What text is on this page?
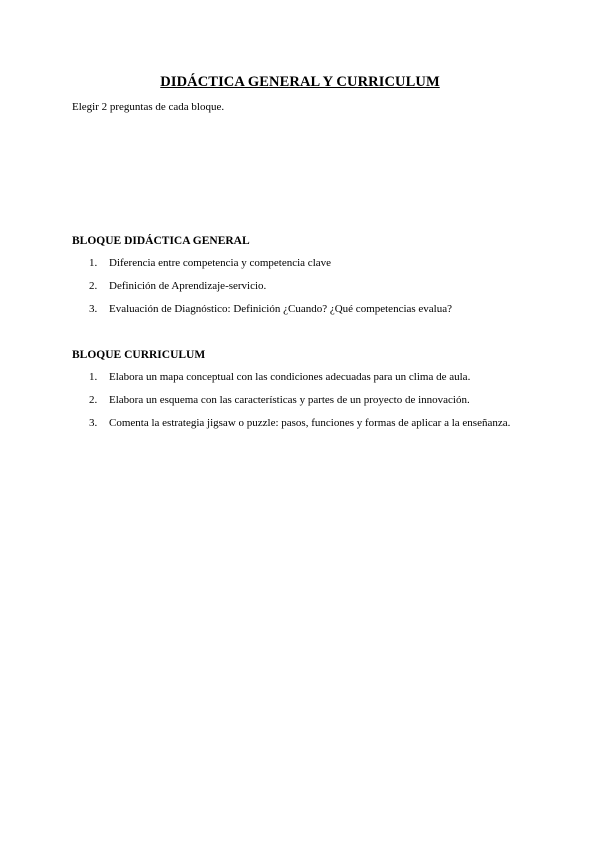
DIDÁCTICA GENERAL Y CURRICULUM
Elegir 2 preguntas de cada bloque.
BLOQUE DIDÁCTICA GENERAL
1. Diferencia entre competencia y competencia clave
2. Definición de Aprendizaje-servicio.
3. Evaluación de Diagnóstico: Definición ¿Cuando? ¿Qué competencias evalua?
BLOQUE CURRICULUM
1. Elabora un mapa conceptual con las condiciones adecuadas para un clima de aula.
2. Elabora un esquema con las características y partes de un proyecto de innovación.
3. Comenta la estrategia jigsaw o puzzle: pasos, funciones y formas de aplicar a la enseñanza.
